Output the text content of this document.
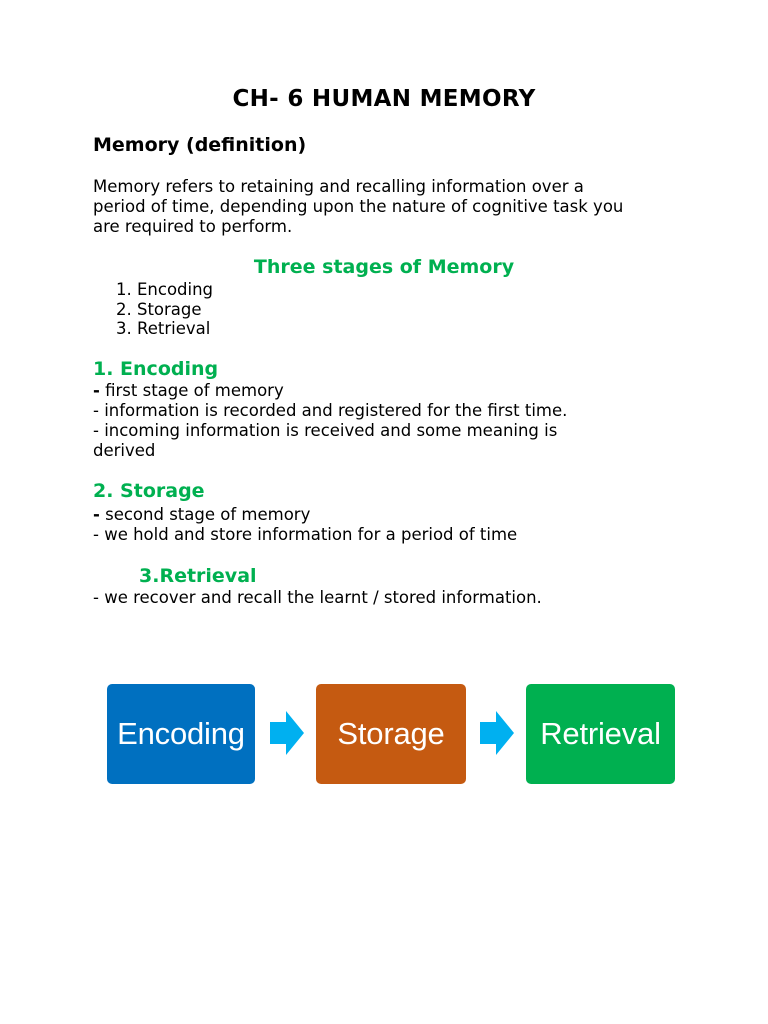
CH- 6 HUMAN MEMORY
Memory (definition)
Memory refers to retaining and recalling information over a
period of time, depending upon the nature of cognitive task you
are required to perform.
Three stages of Memory
1. Encoding
2. Storage
3. Retrieval
1. Encoding
- first stage of memory
- information is recorded and registered for the first time.
- incoming information is received and some meaning is
derived
2. Storage
- second stage of memory
- we hold and store information for a period of time
3.Retrieval
- we recover and recall the learnt / stored information.
Encoding	Storage	Retrieval
